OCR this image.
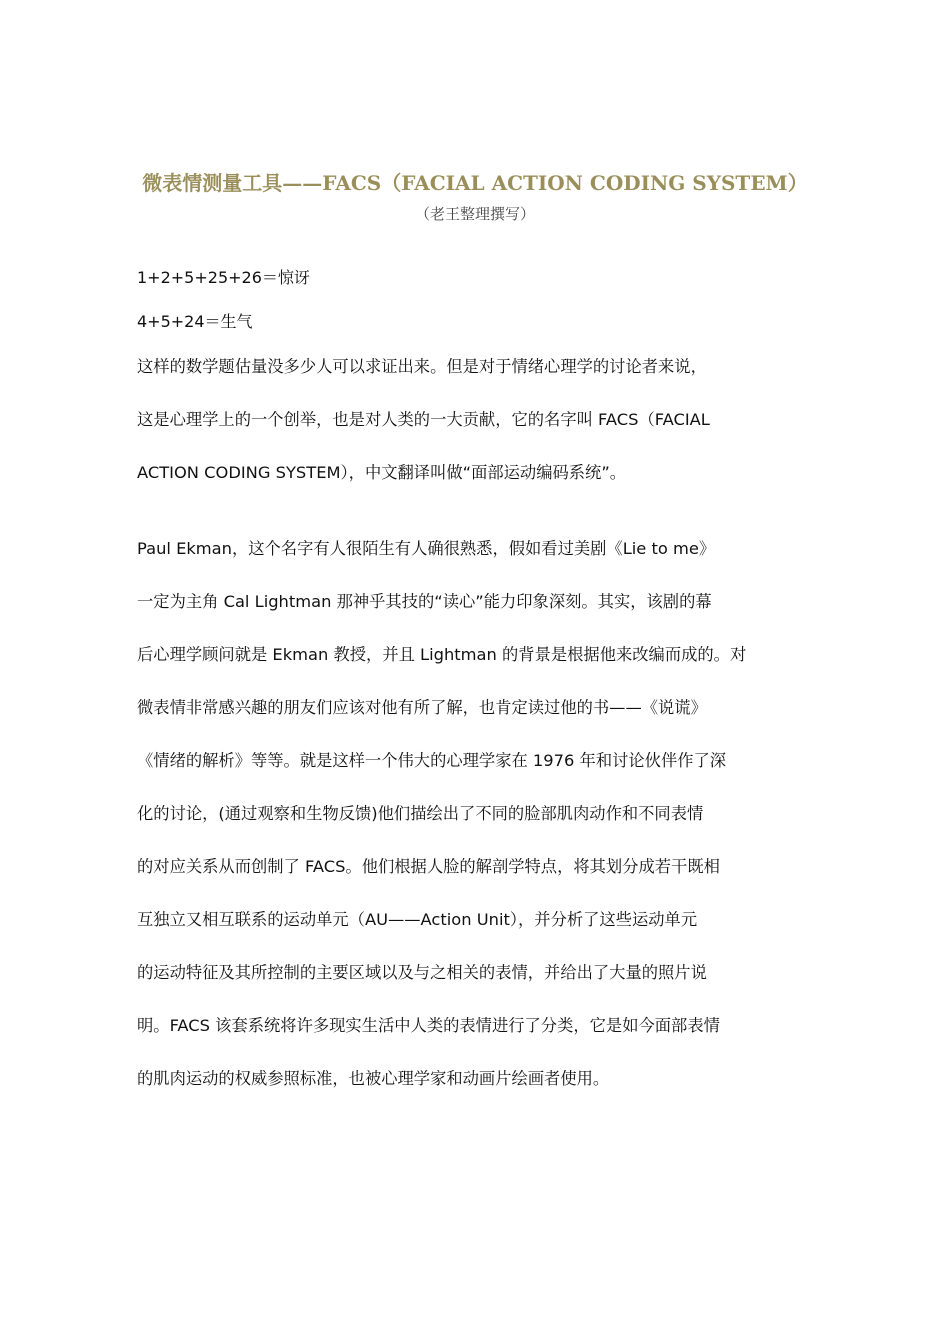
微表情测量工具——FACS（FACIAL ACTION CODING SYSTEM）
（老王整理撰写）
1+2+5+25+26＝惊讶
4+5+24＝生气
这样的数学题估量没多少人可以求证出来。但是对于情绪心理学的讨论者来说，
这是心理学上的一个创举，也是对人类的一大贡献，它的名字叫 FACS（FACIAL
ACTION CODING SYSTEM），中文翻译叫做“面部运动编码系统”。
Paul Ekman，这个名字有人很陌生有人确很熟悉，假如看过美剧《Lie to me》
一定为主角 Cal Lightman 那神乎其技的“读心”能力印象深刻。其实，该剧的幕
后心理学顾问就是 Ekman 教授，并且 Lightman 的背景是根据他来改编而成的。对
微表情非常感兴趣的朋友们应该对他有所了解，也肯定读过他的书——《说谎》
《情绪的解析》等等。就是这样一个伟大的心理学家在 1976 年和讨论伙伴作了深
化的讨论，(通过观察和生物反馈)他们描绘出了不同的脸部肌肉动作和不同表情
的对应关系从而创制了 FACS。他们根据人脸的解剖学特点，将其划分成若干既相
互独立又相互联系的运动单元（AU——Action Unit），并分析了这些运动单元
的运动特征及其所控制的主要区域以及与之相关的表情，并给出了大量的照片说
明。FACS 该套系统将许多现实生活中人类的表情进行了分类，它是如今面部表情
的肌肉运动的权威参照标准，也被心理学家和动画片绘画者使用。
